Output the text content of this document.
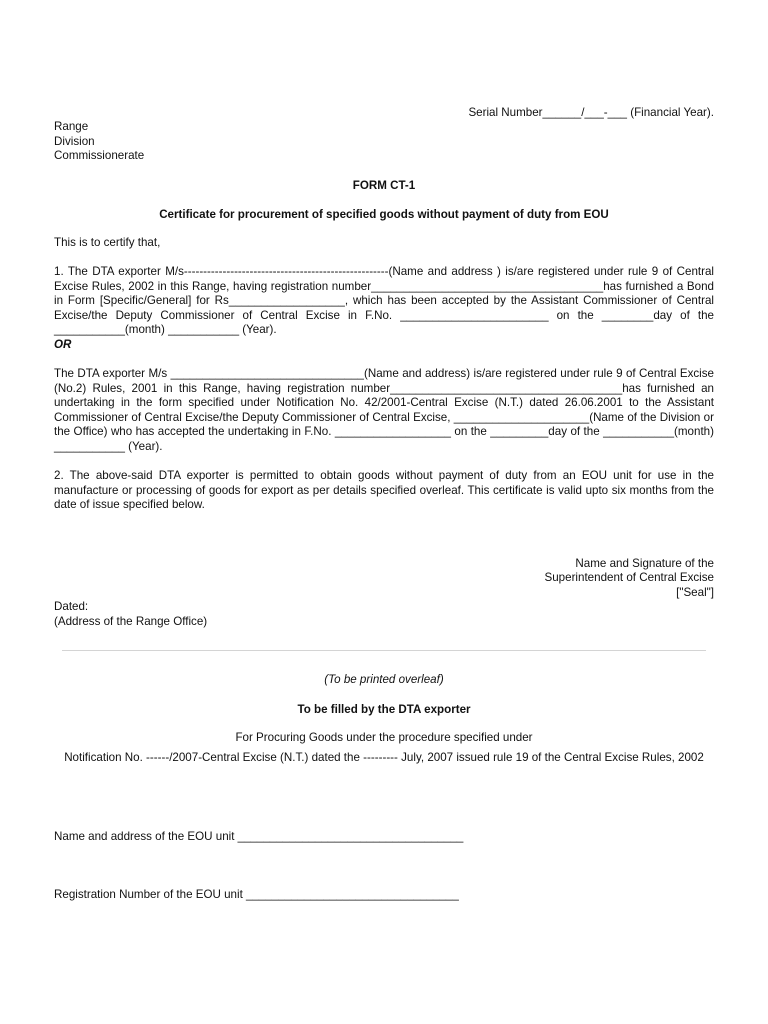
Serial Number______/___-___ (Financial Year).
Range
Division
Commissionerate
FORM CT-1
Certificate for procurement of specified goods without payment of duty from EOU
This is to certify that,
1. The DTA exporter M/s-----------------------------------------------------(Name and address ) is/are registered under rule 9 of Central Excise Rules, 2002 in this Range, having registration number____________________________________has furnished a Bond in Form [Specific/General] for Rs__________________, which has been accepted by the Assistant Commissioner of Central Excise/the Deputy Commissioner of Central Excise in F.No. _______________________ on the ________day of the ___________(month) ___________ (Year).
OR
The DTA exporter M/s ______________________________(Name and address) is/are registered under rule 9 of Central Excise (No.2) Rules, 2001 in this Range, having registration number____________________________________has furnished an undertaking in the form specified under Notification No. 42/2001-Central Excise (N.T.) dated 26.06.2001 to the Assistant Commissioner of Central Excise/the Deputy Commissioner of Central Excise, _____________________(Name of the Division or the Office) who has accepted the undertaking in F.No. __________________ on the _________day of the ___________(month) ___________ (Year).
2. The above-said DTA exporter is permitted to obtain goods without payment of duty from an EOU unit for use in the manufacture or processing of goods for export as per details specified overleaf. This certificate is valid upto six months from the date of issue specified below.
Name and Signature of the
Superintendent of Central Excise
["Seal"]
Dated:
(Address of the Range Office)
(To be printed overleaf)
To be filled by the DTA exporter
For Procuring Goods under the procedure specified under
Notification No. ------/2007-Central Excise (N.T.) dated the --------- July, 2007 issued rule 19 of the Central Excise Rules, 2002
Name and address of the EOU unit ___________________________________
Registration Number of the EOU unit _________________________________
